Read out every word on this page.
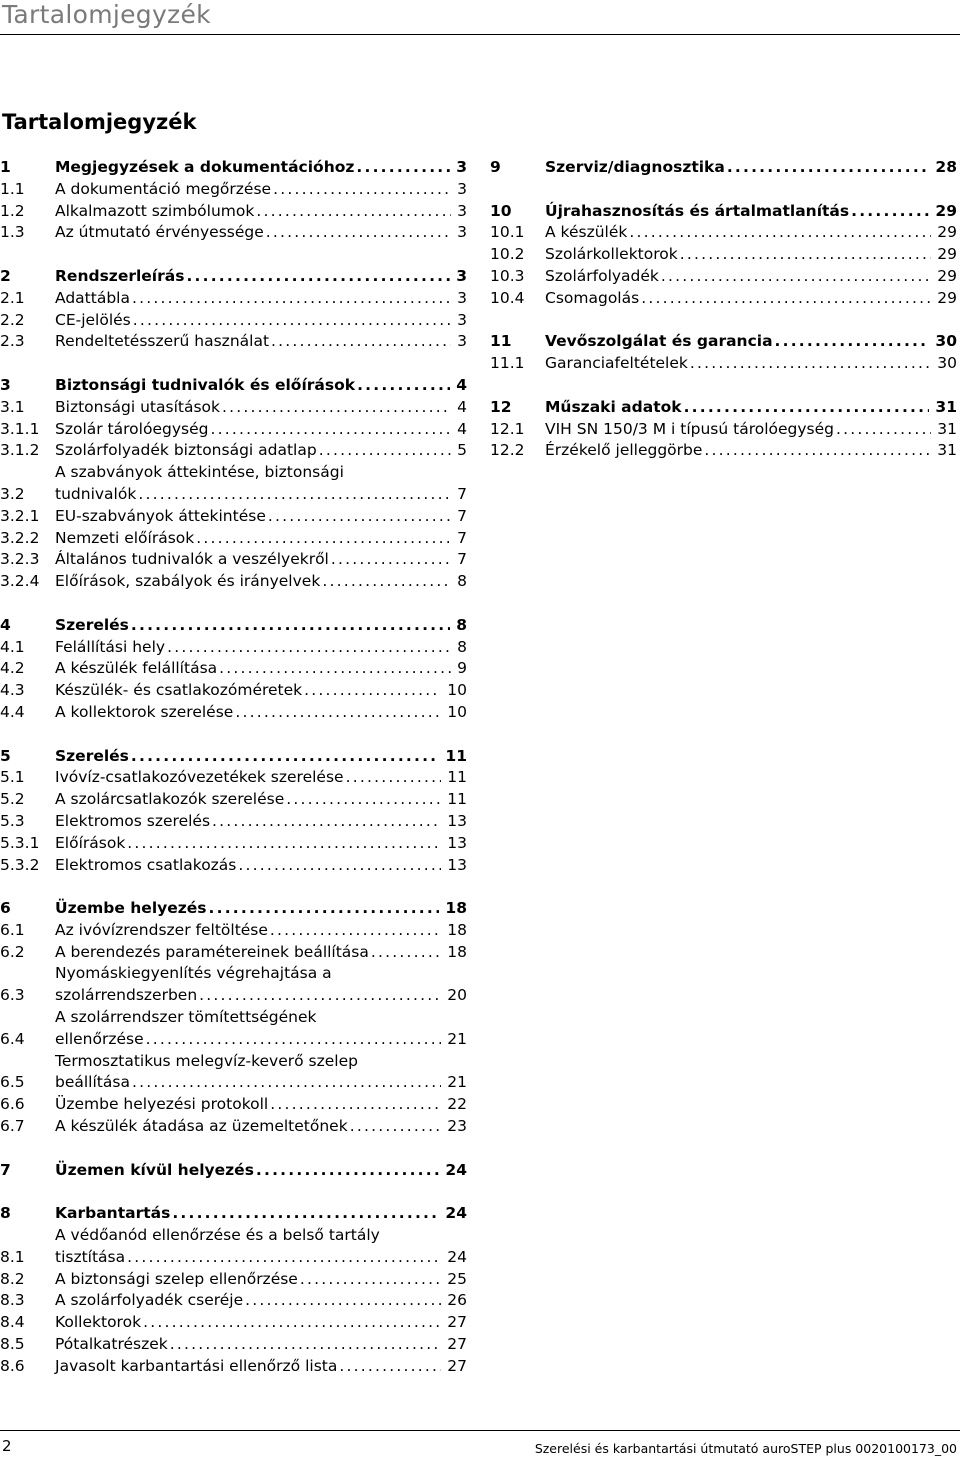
Tartalomjegyzék
Tartalomjegyzék
1	Megjegyzések a dokumentációhoz .....	3
1.1	A dokumentáció megőrzése .....	3
1.2	Alkalmazott szimbólumok .....	3
1.3	Az útmutató érvényessége .....	3
2	Rendszerleírás .....	3
2.1	Adattábla .....	3
2.2	CE-jelölés .....	3
2.3	Rendeltetésszerű használat .....	3
3	Biztonsági tudnivalók és előírások .....	4
3.1	Biztonsági utasítások .....	4
3.1.1	Szolár tárolóegység .....	4
3.1.2	Szolárfolyadék biztonsági adatlap .....	5
3.2
A szabványok áttekintése, biztonsági
tudnivalók .....	7
3.2.1	EU-szabványok áttekintése .....	7
3.2.2	Nemzeti előírások .....	7
3.2.3	Általános tudnivalók a veszélyekről .....	7
3.2.4	Előírások, szabályok és irányelvek .....	8
4	Szerelés .....	8
4.1	Felállítási hely .....	8
4.2	A készülék felállítása .....	9
4.3	Készülék- és csatlakozóméretek .....	10
4.4	A kollektorok szerelése .....	10
5	Szerelés .....	11
5.1	Ivóvíz-csatlakozóvezetékek szerelése .....	11
5.2	A szolárcsatlakozók szerelése .....	11
5.3	Elektromos szerelés .....	13
5.3.1	Előírások .....	13
5.3.2	Elektromos csatlakozás .....	13
6	Üzembe helyezés .....	18
6.1	Az ivóvízrendszer feltöltése .....	18
6.2	A berendezés paramétereinek beállítása .....	18
6.3
Nyomáskiegyenlítés végrehajtása a
szolárrendszerben .....	20
6.4
A szolárrendszer tömítettségének
ellenőrzése .....	21
6.5
Termosztatikus melegvíz-keverő szelep
beállítása .....	21
6.6	Üzembe helyezési protokoll .....	22
6.7	A készülék átadása az üzemeltetőnek .....	23
7	Üzemen kívül helyezés .....	24
8	Karbantartás .....	24
8.1
A védőanód ellenőrzése és a belső tartály
tisztítása .....	24
8.2	A biztonsági szelep ellenőrzése .....	25
8.3	A szolárfolyadék cseréje .....	26
8.4	Kollektorok .....	27
8.5	Pótalkatrészek .....	27
8.6	Javasolt karbantartási ellenőrző lista .....	27
9	Szerviz/diagnosztika .....	28
10	Újrahasznosítás és ártalmatlanítás .....	29
10.1	A készülék .....	29
10.2	Szolárkollektorok .....	29
10.3	Szolárfolyadék .....	29
10.4	Csomagolás .....	29
11	Vevőszolgálat és garancia .....	30
11.1	Garanciafeltételek .....	30
12	Műszaki adatok .....	31
12.1	VIH SN 150/3 M i típusú tárolóegység .....	31
12.2	Érzékelő jelleggörbe .....	31
2	Szerelési és karbantartási útmutató auroSTEP plus 0020100173_00
